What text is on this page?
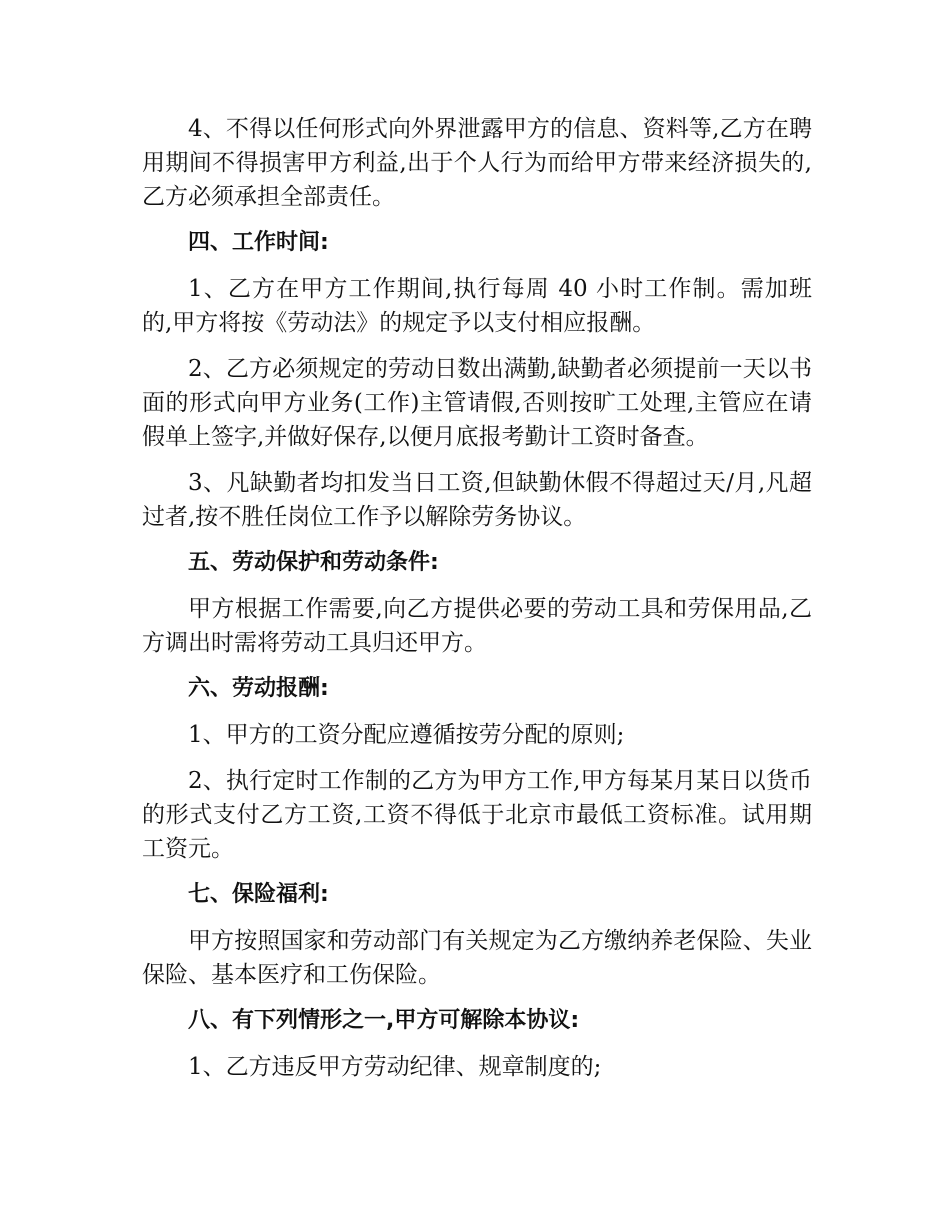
4、不得以任何形式向外界泄露甲方的信息、资料等,乙方在聘用期间不得损害甲方利益,出于个人行为而给甲方带来经济损失的,乙方必须承担全部责任。

四、工作时间:

1、乙方在甲方工作期间,执行每周 40 小时工作制。需加班的,甲方将按《劳动法》的规定予以支付相应报酬。

2、乙方必须规定的劳动日数出满勤,缺勤者必须提前一天以书面的形式向甲方业务(工作)主管请假,否则按旷工处理,主管应在请假单上签字,并做好保存,以便月底报考勤计工资时备查。

3、凡缺勤者均扣发当日工资,但缺勤休假不得超过天/月,凡超过者,按不胜任岗位工作予以解除劳务协议。

五、劳动保护和劳动条件:

甲方根据工作需要,向乙方提供必要的劳动工具和劳保用品,乙方调出时需将劳动工具归还甲方。

六、劳动报酬:

1、甲方的工资分配应遵循按劳分配的原则;

2、执行定时工作制的乙方为甲方工作,甲方每某月某日以货币的形式支付乙方工资,工资不得低于北京市最低工资标准。试用期工资元。

七、保险福利:

甲方按照国家和劳动部门有关规定为乙方缴纳养老保险、失业保险、基本医疗和工伤保险。

八、有下列情形之一,甲方可解除本协议:

1、乙方违反甲方劳动纪律、规章制度的;
